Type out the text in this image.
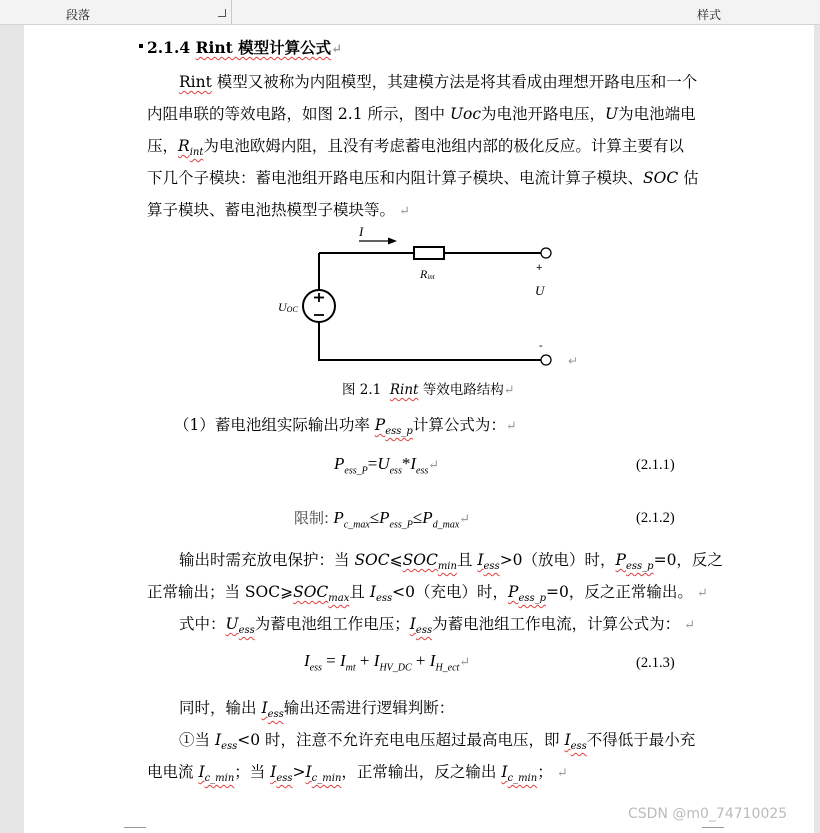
段落	样式
2.1.4 Rint 模型计算公式↵
Rint 模型又被称为内阻模型，其建模方法是将其看成由理想开路电压和一个
内阻串联的等效电路，如图 2.1 所示，图中 Uoc为电池开路电压，U为电池端电
压，$R_{int}$为电池欧姆内阻，且没有考虑蓄电池组内部的极化反应。计算主要有以
下几个子模块：蓄电池组开路电压和内阻计算子模块、电流计算子模块、SOC 估
算子模块、蓄电池热模型子模块等。 ↵
I
Rint
UOC
U
+
-
↵
图 2.1 Rint 等效电路结构↵
（1）蓄电池组实际输出功率 $P_{ess\_p}$计算公式为：↵
$P_{ess\_P}=U_{ess}*I_{ess}↵$	(2.1.1)
限制: $P_{c\_max}\le P_{ess\_P}\le P_{d\_max}↵$	(2.1.2)
输出时需充放电保护：当 $SOC⩽SOC_{min}$且 $I_{ess}>0$（放电）时，$P_{ess\_p}=0$，反之
正常输出；当 $SOC⩾SOC_{max}$且 $I_{ess}<0$（充电）时，$P_{ess\_p}=0$，反之正常输出。 ↵
式中：$U_{ess}$为蓄电池组工作电压；$I_{ess}$为蓄电池组工作电流，计算公式为： ↵
$I_{ess} = I_{mt} + I_{HV\_DC}$ + $I_{H\_ect}↵$	(2.1.3)
同时，输出 $I_{ess}$输出还需进行逻辑判断：
①当 $I_{ess}<0$ 时，注意不允许充电电压超过最高电压，即 $I_{ess}$不得低于最小充
电电流 $I_{c\_min}$；当 $I_{ess}>I_{c\_min}$，正常输出，反之输出 $I_{c\_min}$； ↵
CSDN @m0_74710025
